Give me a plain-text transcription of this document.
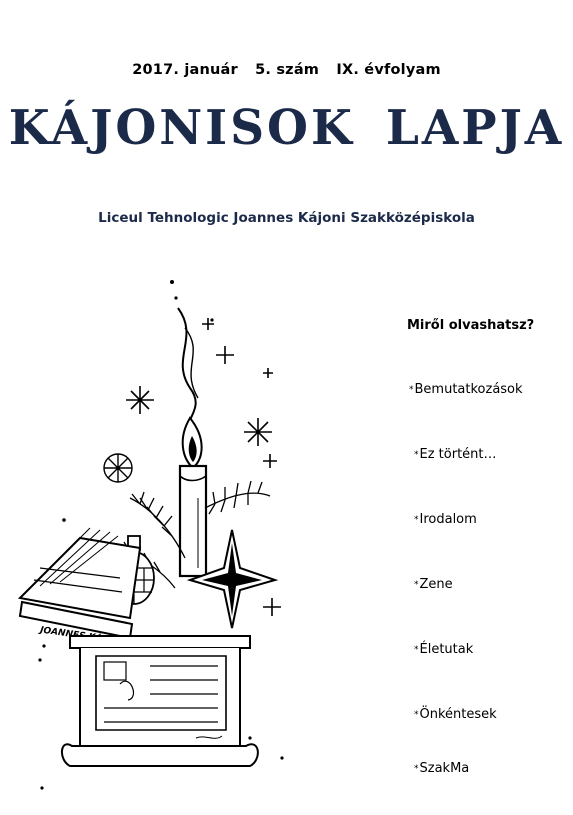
2017. január 5. szám IX. évfolyam
KÁJONISOK LAPJA
Liceul Tehnologic Joannes Kájoni Szakközépiskola
JOANNES
Miről olvashatsz?
*Bemutatkozások
*Ez történt…
*Irodalom
*Zene
*Életutak
*Önkéntesek
*SzakMa
